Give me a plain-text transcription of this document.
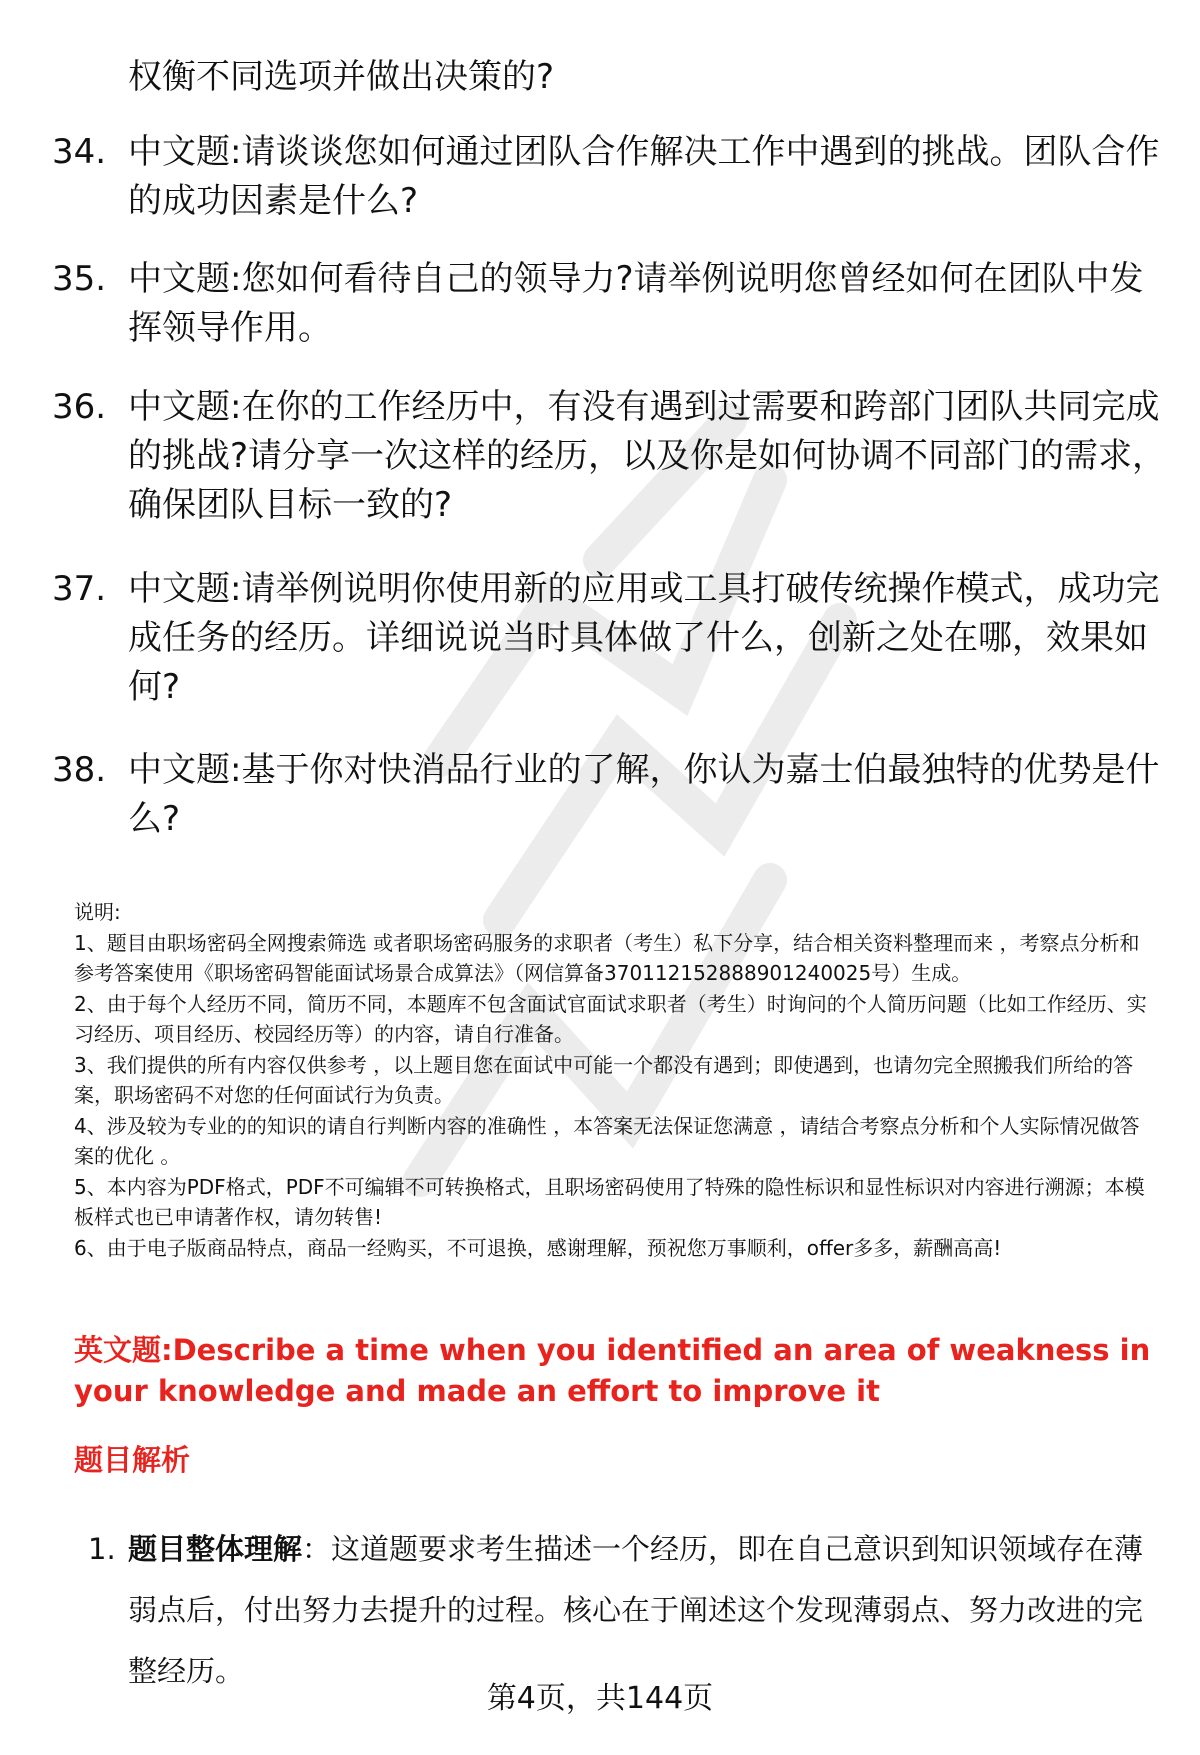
权衡不同选项并做出决策的?

34. 中文题:请谈谈您如何通过团队合作解决工作中遇到的挑战。团队合作的成功因素是什么?
35. 中文题:您如何看待自己的领导力?请举例说明您曾经如何在团队中发挥领导作用。
36. 中文题:在你的工作经历中，有没有遇到过需要和跨部门团队共同完成的挑战?请分享一次这样的经历，以及你是如何协调不同部门的需求，确保团队目标一致的?
37. 中文题:请举例说明你使用新的应用或工具打破传统操作模式，成功完成任务的经历。详细说说当时具体做了什么，创新之处在哪，效果如何?
38. 中文题:基于你对快消品行业的了解，你认为嘉士伯最独特的优势是什么?
说明:
1、题目由职场密码全网搜索筛选 或者职场密码服务的求职者（考生）私下分享，结合相关资料整理而来 ，考察点分析和参考答案使用《职场密码智能面试场景合成算法》（网信算备370112152888901240025号）生成。
2、由于每个人经历不同，简历不同，本题库不包含面试官面试求职者（考生）时询问的个人简历问题（比如工作经历、实习经历、项目经历、校园经历等）的内容，请自行准备。
3、我们提供的所有内容仅供参考 ，以上题目您在面试中可能一个都没有遇到；即使遇到，也请勿完全照搬我们所给的答案，职场密码不对您的任何面试行为负责。
4、涉及较为专业的的知识的请自行判断内容的准确性 ，本答案无法保证您满意 ，请结合考察点分析和个人实际情况做答案的优化 。
5、本内容为PDF格式，PDF不可编辑不可转换格式，且职场密码使用了特殊的隐性标识和显性标识对内容进行溯源；本模板样式也已申请著作权，请勿转售!
6、由于电子版商品特点，商品一经购买，不可退换，感谢理解，预祝您万事顺利，offer多多，薪酬高高!
英文题:Describe a time when you identified an area of weakness in your knowledge and made an effort to improve it
题目解析
1. 题目整体理解：这道题要求考生描述一个经历，即在自己意识到知识领域存在薄弱点后，付出努力去提升的过程。核心在于阐述这个发现薄弱点、努力改进的完整经历。
第4页，共144页
